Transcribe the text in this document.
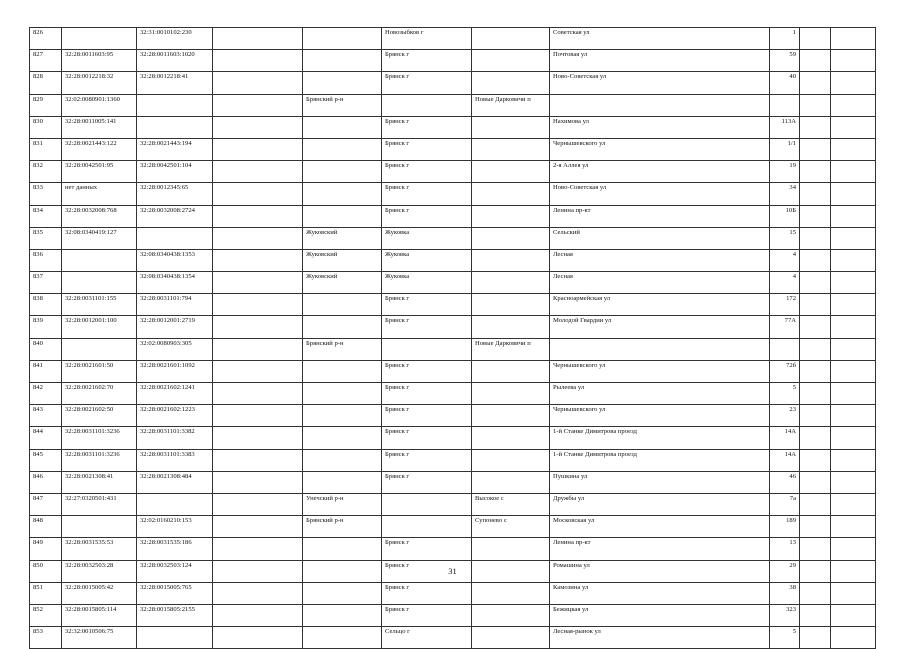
826		32:31:0010102:230			Новозыбков г		Советская ул	1		
827	32:28:0011603:95	32:28:0011603:1020			Брянск г		Почтовая ул	59		
828	32:28:0012218:32	32:28:0012218:41			Брянск г		Ново-Советская ул	40		
829	32:02:0080901:1360			Брянский р-н		Новые Дарковичи п				
830	32:28:0011005:141				Брянск г		Нахимова ул	113А		
831	32:28:0021443:122	32:28:0021443:194			Брянск г		Чернышевского ул	1/1		
832	32:28:0042501:95	32:28:0042501:104			Брянск г		2-я Аллея ул	19		
833	нет данных	32:28:0012345:65			Брянск г		Ново-Советская ул	34		
834	32:28:0032008:768	32:28:0032008:2724			Брянск г		Ленина пр-кт	10Б		
835	32:08:0340419:127			Жуковский	Жуковка		Сельский	15		
836		32:08:0340438:1353		Жуковский	Жуковка		Лесная	4		
837		32:08:0340438:1354		Жуковский	Жуковка		Лесная	4		
838	32:28:0031101:155	32:28:0031101:794			Брянск г		Красноармейская ул	172		
839	32:28:0012001:100	32:28:0012001:2719			Брянск г		Молодой Гвардии ул	77А		
840		32:02:0080903:305		Брянский р-н		Новые Дарковичи п				
841	32:28:0021601:50	32:28:0021601:1092			Брянск г		Чернышевского ул	72б		
842	32:28:0021602:70	32:28:0021602:1241			Брянск г		Рылеева ул	5		
843	32:28:0021602:50	32:28:0021602:1223			Брянск г		Чернышевского ул	23		
844	32:28:0031101:3236	32:28:0031101:3382			Брянск г		1-й Станке Димитрова проезд	14А		
845	32:28:0031101:3236	32:28:0031101:3383			Брянск г		1-й Станке Димитрова проезд	14А		
846	32:28:0021308:41	32:28:0021308:484			Брянск г		Пушкина ул	46		
847	32:27:0320501:431			Унечский р-н		Высокое с	Дружбы ул	7а		
848		32:02:0160210:153		Брянский р-н		Супонево с	Московская ул	189		
849	32:28:0031535:53	32:28:0031535:186			Брянск г		Ленина пр-кт	13		
850	32:28:0032503:28	32:28:0032503:124			Брянск г		Ромашина ул	29		
851	32:28:0015005:42	32:28:0015005:765			Брянск г		Камозина ул	38		
852	32:28:0015805:114	32:28:0015805:2155			Брянск г		Бежицкая ул	323		
853	32:32:0010506:75				Сельцо г		Лесная-рынок ул	5		
31
